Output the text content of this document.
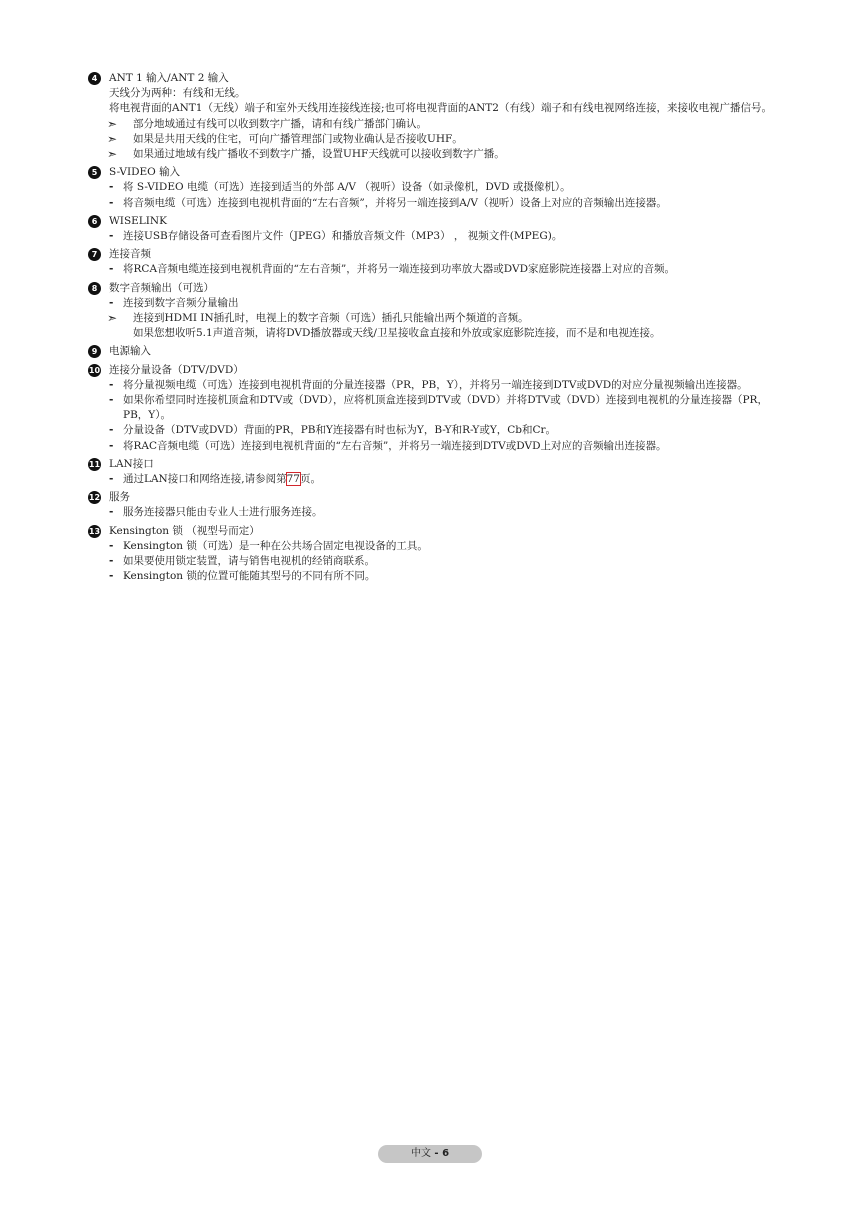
4	ANT 1 输入/ANT 2 输入
天线分为两种：有线和无线。
将电视背面的ANT1（无线）端子和室外天线用连接线连接;也可将电视背面的ANT2（有线）端子和有线电视网络连接，来接收电视广播信号。
➣ 部分地域通过有线可以收到数字广播，请和有线广播部门确认。
➣ 如果是共用天线的住宅，可向广播管理部门或物业确认是否接收UHF。
➣ 如果通过地域有线广播收不到数字广播，设置UHF天线就可以接收到数字广播。
5	S-VIDEO 输入
- 将 S-VIDEO 电缆（可选）连接到适当的外部 A/V （视听）设备（如录像机，DVD 或摄像机）。
- 将音频电缆（可选）连接到电视机背面的“左右音频”，并将另一端连接到A/V（视听）设备上对应的音频输出连接器。
6	WISELINK
- 连接USB存储设备可查看图片文件（JPEG）和播放音频文件（MP3） ， 视频文件(MPEG)。
7	连接音频
- 将RCA音频电缆连接到电视机背面的“左右音频”，并将另一端连接到功率放大器或DVD家庭影院连接器上对应的音频。
8	数字音频输出（可选）
- 连接到数字音频分量输出
➣ 连接到HDMI IN插孔时，电视上的数字音频（可选）插孔只能输出两个频道的音频。
如果您想收听5.1声道音频，请将DVD播放器或天线/卫星接收盒直接和外放或家庭影院连接，而不是和电视连接。
9	电源输入
10 连接分量设备（DTV/DVD）
- 将分量视频电缆（可选）连接到电视机背面的分量连接器（PR，PB，Y），并将另一端连接到DTV或DVD的对应分量视频输出连接器。
- 如果你希望同时连接机顶盒和DTV或（DVD），应将机顶盒连接到DTV或（DVD）并将DTV或（DVD）连接到电视机的分量连接器（PR，PB，Y）。
- 分量设备（DTV或DVD）背面的PR，PB和Y连接器有时也标为Y，B-Y和R-Y或Y，Cb和Cr。
- 将RAC音频电缆（可选）连接到电视机背面的“左右音频”，并将另一端连接到DTV或DVD上对应的音频输出连接器。
11 LAN接口
- 通过LAN接口和网络连接,请参阅第77页。
12 服务
- 服务连接器只能由专业人士进行服务连接。
13 Kensington 锁 （视型号而定）
- Kensington 锁（可选）是一种在公共场合固定电视设备的工具。
- 如果要使用锁定装置，请与销售电视机的经销商联系。
- Kensington 锁的位置可能随其型号的不同有所不同。
中文 - 6
